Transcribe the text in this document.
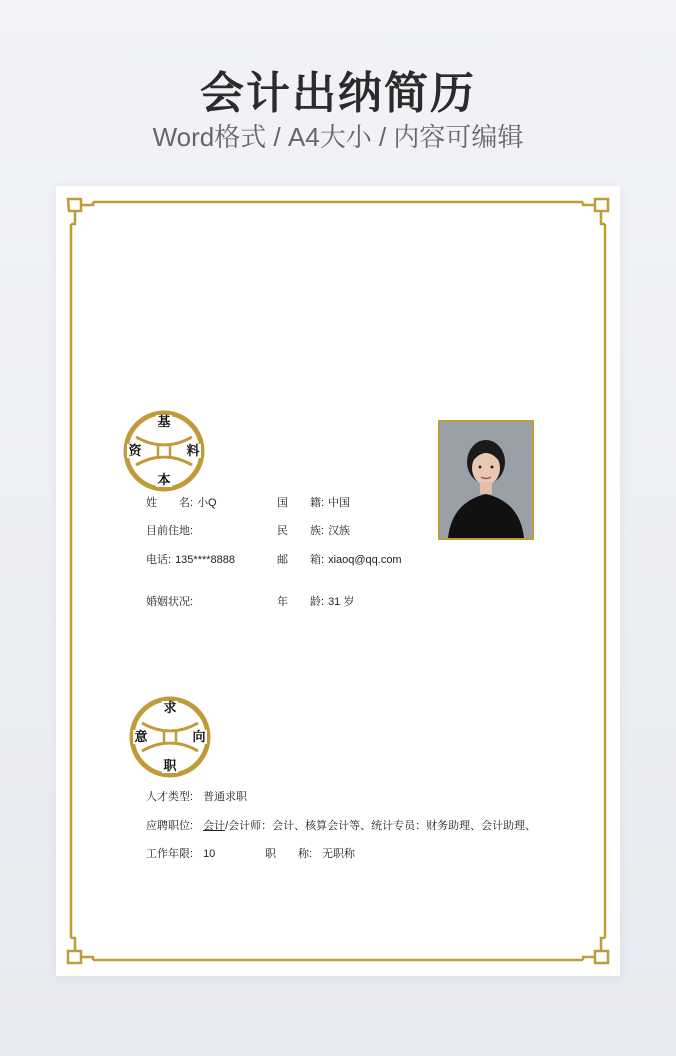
会计出纳简历
Word格式 / A4大小 / 内容可编辑
基
资	料
本
姓　　名: 小Q	国　　籍: 中国
目前住地:	民　　族: 汉族
电话: 135****8888	邮　　箱: xiaoq@qq.com
婚姻状况:	年　　龄: 31 岁
求
意	向
职
人才类型: 普通求职
应聘职位: 会计/会计师：会计、核算会计等、统计专员：财务助理、会计助理、
工作年限: 10	职　　称: 无职称
